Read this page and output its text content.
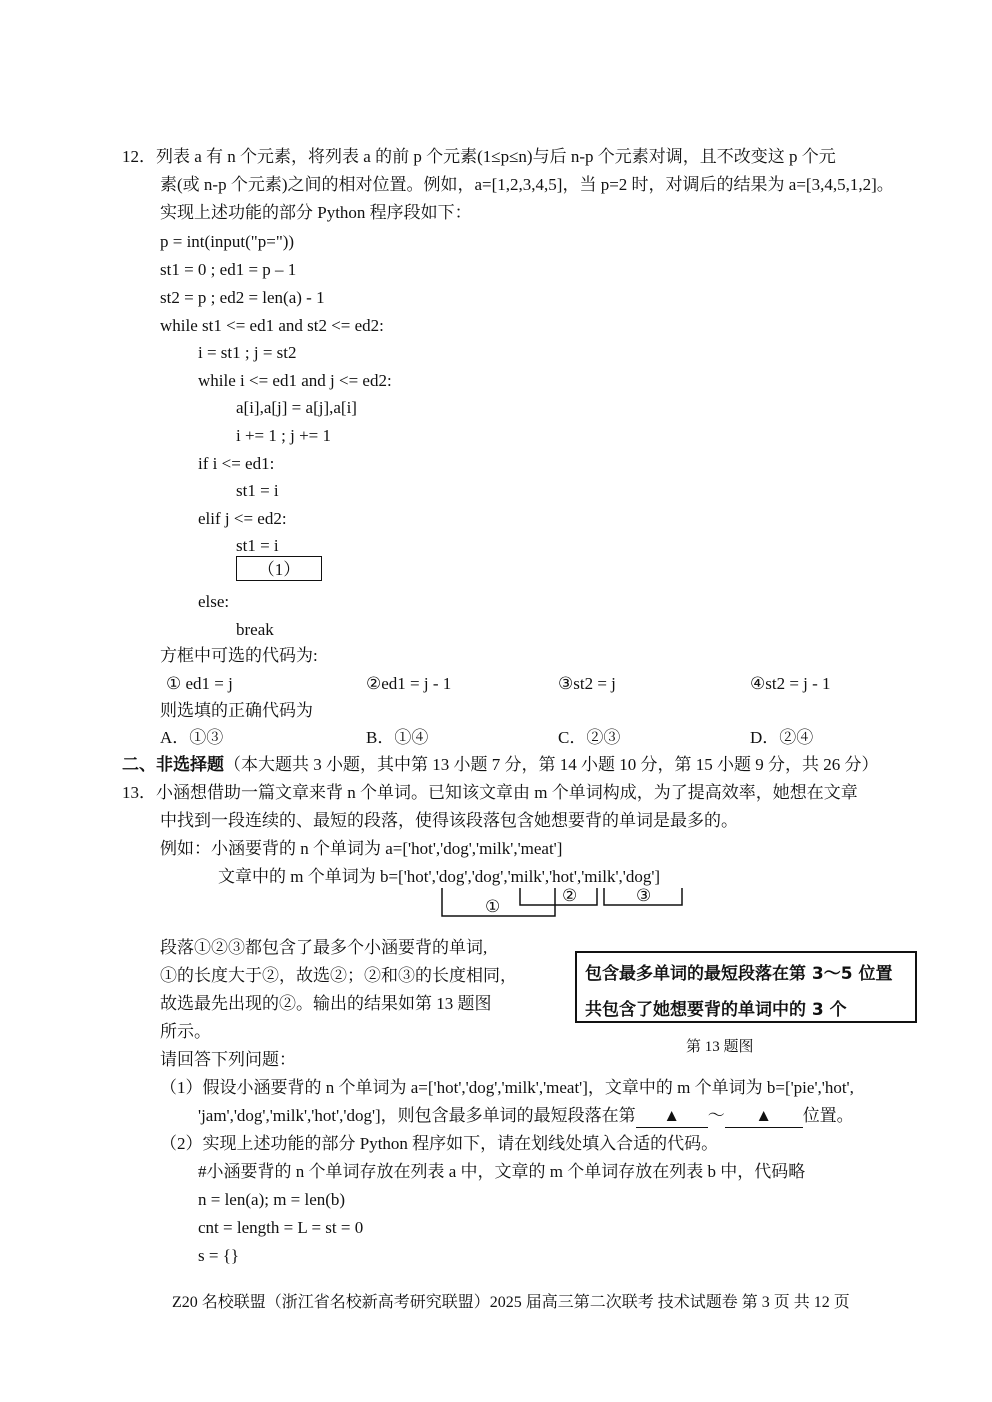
12．列表 a 有 n 个元素，将列表 a 的前 p 个元素(1≤p≤n)与后 n-p 个元素对调，且不改变这 p 个元
素(或 n-p 个元素)之间的相对位置。例如，a=[1,2,3,4,5]，当 p=2 时，对调后的结果为 a=[3,4,5,1,2]。
实现上述功能的部分 Python 程序段如下：
p = int(input("p="))
st1 = 0 ; ed1 = p – 1
st2 = p ; ed2 = len(a) - 1
while st1 <= ed1 and st2 <= ed2:
i = st1 ; j = st2
while i <= ed1 and j <= ed2:
a[i],a[j] = a[j],a[i]
i += 1 ; j += 1
if i <= ed1:
st1 = i
elif j <= ed2:
st1 = i
（1）
else:
break
方框中可选的代码为:
① ed1 = j	②ed1 = j - 1	③st2 = j	④st2 = j - 1
则选填的正确代码为
A．①③	B．①④	C．②③	D．②④
二、非选择题（本大题共 3 小题，其中第 13 小题 7 分，第 14 小题 10 分，第 15 小题 9 分，共 26 分）
13．小涵想借助一篇文章来背 n 个单词。已知该文章由 m 个单词构成，为了提高效率，她想在文章
中找到一段连续的、最短的段落，使得该段落包含她想要背的单词是最多的。
例如：小涵要背的 n 个单词为 a=['hot','dog','milk','meat']
文章中的 m 个单词为 b=['hot','dog','dog','milk','hot','milk','dog']
①
②	③
段落①②③都包含了最多个小涵要背的单词,
①的长度大于②，故选②；②和③的长度相同，
故选最先出现的②。输出的结果如第 13 题图
所示。
包含最多单词的最短段落在第 3～5 位置
共包含了她想要背的单词中的 3 个
第 13 题图
请回答下列问题：
（1）假设小涵要背的 n 个单词为 a=['hot','dog','milk','meat']，文章中的 m 个单词为 b=['pie','hot',
'jam','dog','milk','hot','dog']，则包含最多单词的最短段落在第 ▲ ～ ▲ 位置。
（2）实现上述功能的部分 Python 程序如下，请在划线处填入合适的代码。
#小涵要背的 n 个单词存放在列表 a 中，文章的 m 个单词存放在列表 b 中，代码略
n = len(a); m = len(b)
cnt = length = L = st = 0
s = {}
Z20 名校联盟（浙江省名校新高考研究联盟）2025 届高三第二次联考 技术试题卷 第 3 页 共 12 页
